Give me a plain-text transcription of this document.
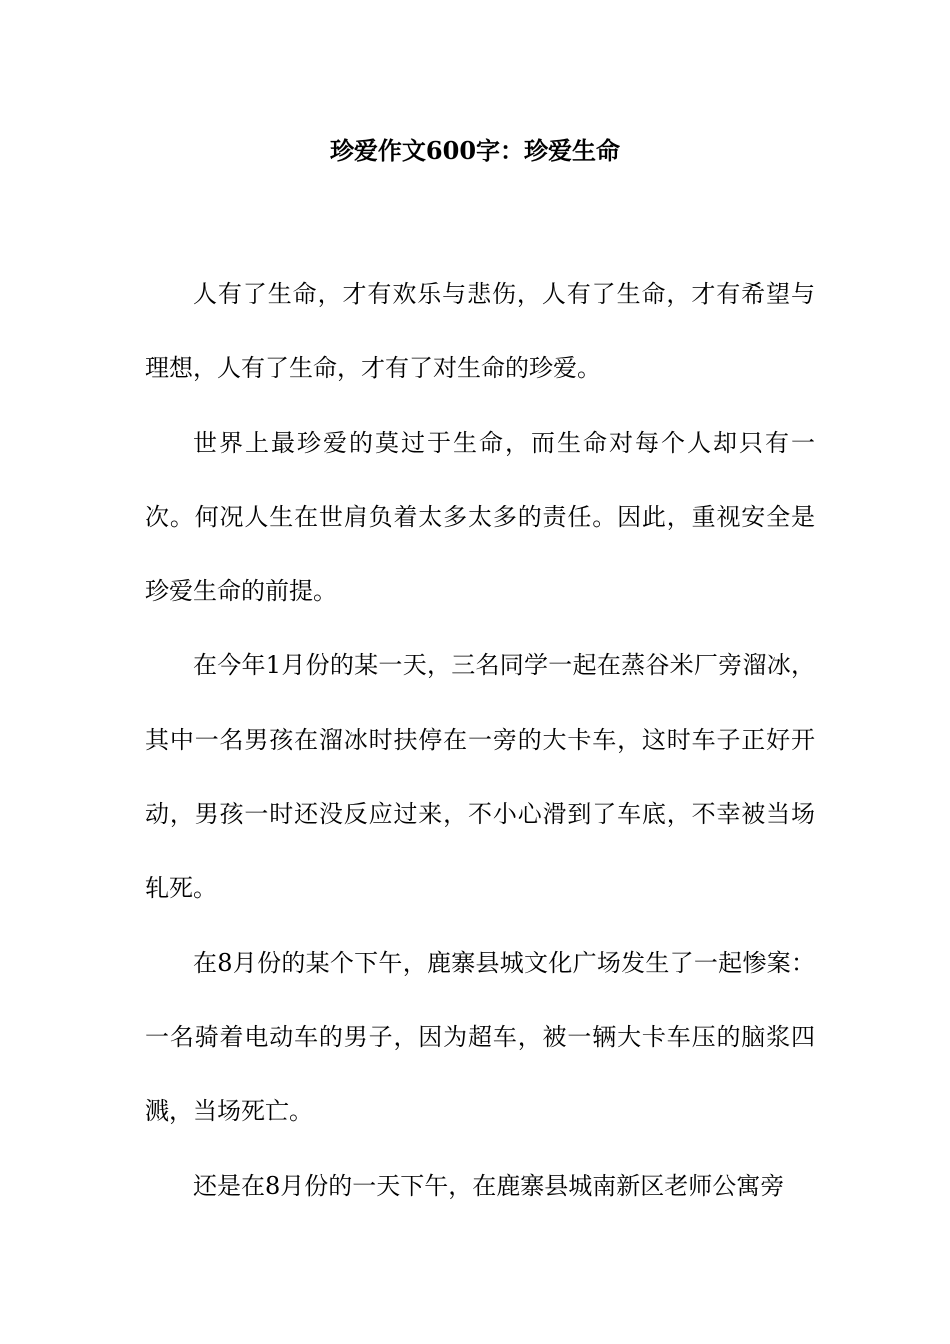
珍爱作文600字：珍爱生命

人有了生命，才有欢乐与悲伤，人有了生命，才有希望与理想，人有了生命，才有了对生命的珍爱。

世界上最珍爱的莫过于生命，而生命对每个人却只有一次。何况人生在世肩负着太多太多的责任。因此，重视安全是珍爱生命的前提。

在今年1月份的某一天，三名同学一起在蒸谷米厂旁溜冰，其中一名男孩在溜冰时扶停在一旁的大卡车，这时车子正好开动，男孩一时还没反应过来，不小心滑到了车底，不幸被当场轧死。

在8月份的某个下午，鹿寨县城文化广场发生了一起惨案：一名骑着电动车的男子，因为超车，被一辆大卡车压的脑浆四溅，当场死亡。

还是在8月份的一天下午，在鹿寨县城南新区老师公寓旁
